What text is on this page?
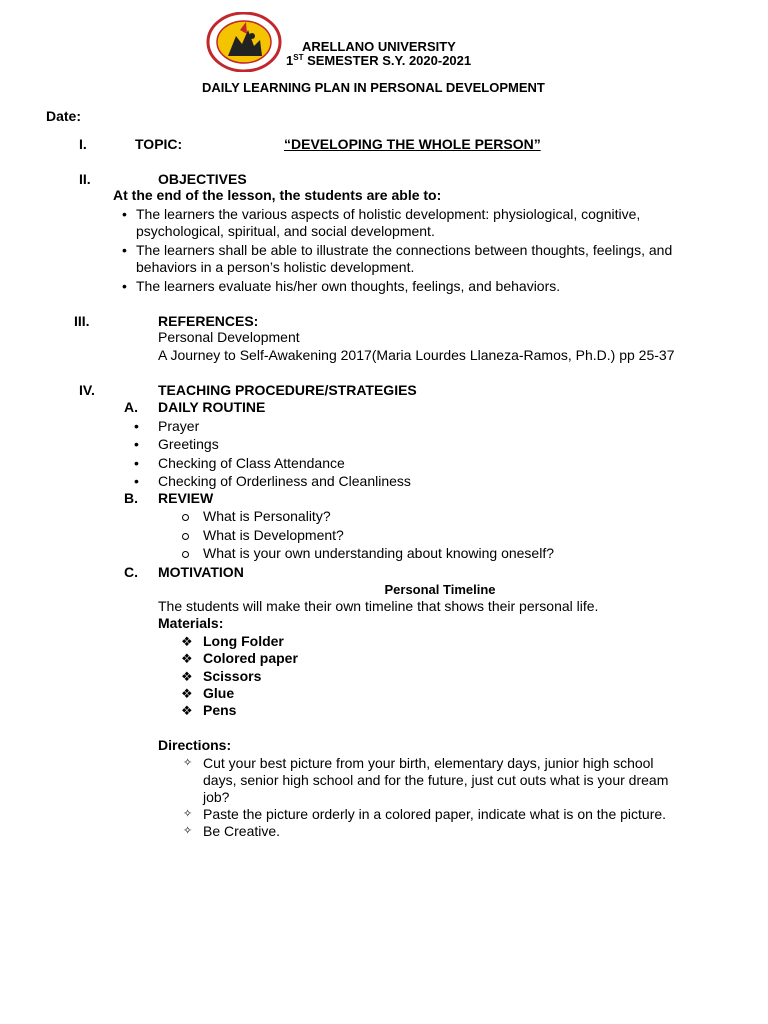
ARELLANO UNIVERSITY
1ST SEMESTER S.Y. 2020-2021
DAILY LEARNING PLAN IN PERSONAL DEVELOPMENT
Date:
I.	TOPIC:	“DEVELOPING THE WHOLE PERSON”
II.	OBJECTIVES
At the end of the lesson, the students are able to:
• The learners the various aspects of holistic development: physiological, cognitive,
psychological, spiritual, and social development.
• The learners shall be able to illustrate the connections between thoughts, feelings, and
behaviors in a person’s holistic development.
• The learners evaluate his/her own thoughts, feelings, and behaviors.
III.	REFERENCES:
Personal Development
A Journey to Self-Awakening 2017(Maria Lourdes Llaneza-Ramos, Ph.D.) pp 25-37
IV.	TEACHING PROCEDURE/STRATEGIES
A. DAILY ROUTINE
• Prayer
• Greetings
• Checking of Class Attendance
• Checking of Orderliness and Cleanliness
B. REVIEW
What is Personality?
What is Development?
What is your own understanding about knowing oneself?
C. MOTIVATION
Personal Timeline
The students will make their own timeline that shows their personal life.
Materials:
❖ Long Folder
❖ Colored paper
❖ Scissors
❖ Glue
❖ Pens
Directions:
✧ Cut your best picture from your birth, elementary days, junior high school
days, senior high school and for the future, just cut outs what is your dream
job?
✧ Paste the picture orderly in a colored paper, indicate what is on the picture.
✧ Be Creative.
